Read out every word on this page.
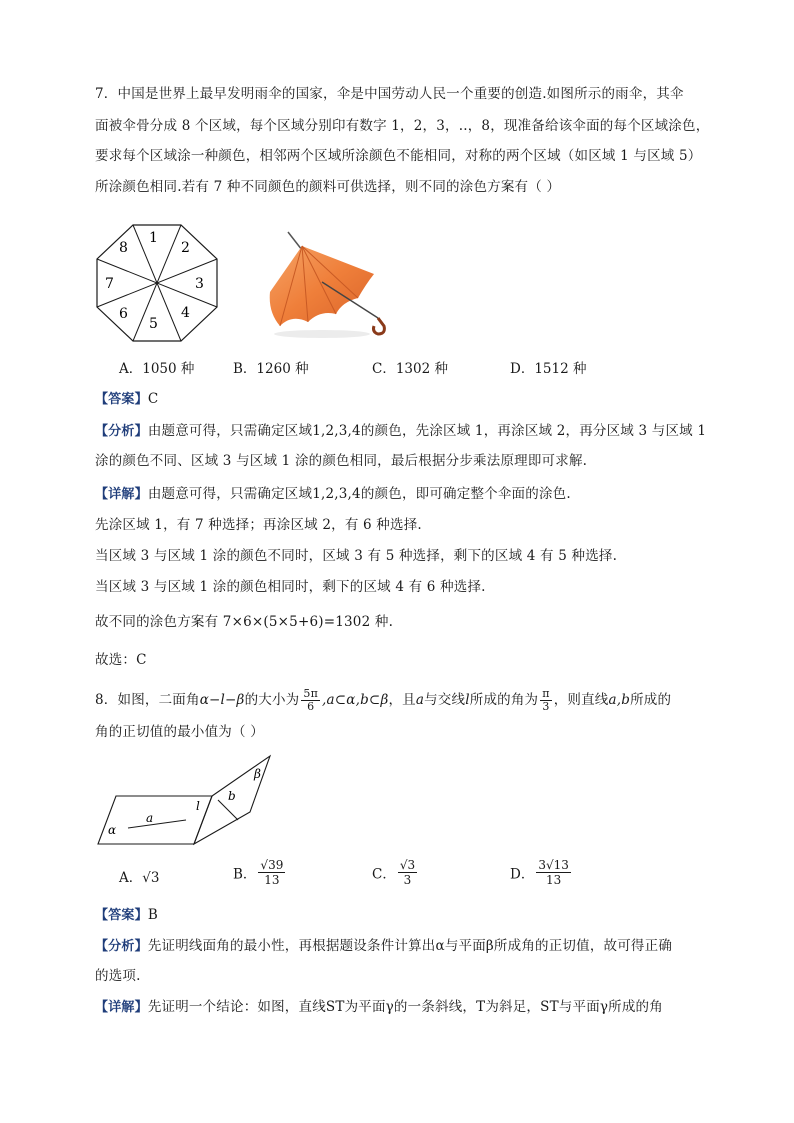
7．中国是世界上最早发明雨伞的国家，伞是中国劳动人民一个重要的创造.如图所示的雨伞，其伞
面被伞骨分成 8 个区域，每个区域分别印有数字 1，2，3，..，8，现准备给该伞面的每个区域涂色，
要求每个区域涂一种颜色，相邻两个区域所涂颜色不能相同，对称的两个区域（如区域 1 与区域 5）
所涂颜色相同.若有 7 种不同颜色的颜料可供选择，则不同的涂色方案有（ ）
1
2
3
4
5
6
7
8
A．1050 种	B．1260 种	C．1302 种	D．1512 种
【答案】C
【分析】由题意可得，只需确定区域1,2,3,4的颜色，先涂区域 1，再涂区域 2，再分区域 3 与区域 1
涂的颜色不同、区域 3 与区域 1 涂的颜色相同，最后根据分步乘法原理即可求解.
【详解】由题意可得，只需确定区域1,2,3,4的颜色，即可确定整个伞面的涂色.
先涂区域 1，有 7 种选择；再涂区域 2，有 6 种选择.
当区域 3 与区域 1 涂的颜色不同时，区域 3 有 5 种选择，剩下的区域 4 有 5 种选择.
当区域 3 与区域 1 涂的颜色相同时，剩下的区域 4 有 6 种选择.
故不同的涂色方案有 7×6×(5×5+6)=1302 种.
故选：C
8．如图，二面角α−l−β的大小为 $\frac{5\pi}{6}$ ,a⊂α,b⊂β，且a与交线l所成的角为 $\frac{\pi}{3}$ ，则直线a,b所成的
角的正切值的最小值为（ ）
α
β
a
b
l
A．√3	B． $\frac{√39}{13}$	C． $\frac{√3}{3}$	D． $\frac{3√13}{13}$
【答案】B
【分析】先证明线面角的最小性，再根据题设条件计算出α与平面β所成角的正切值，故可得正确
的选项.
【详解】先证明一个结论：如图，直线ST为平面γ的一条斜线，T为斜足，ST与平面γ所成的角
